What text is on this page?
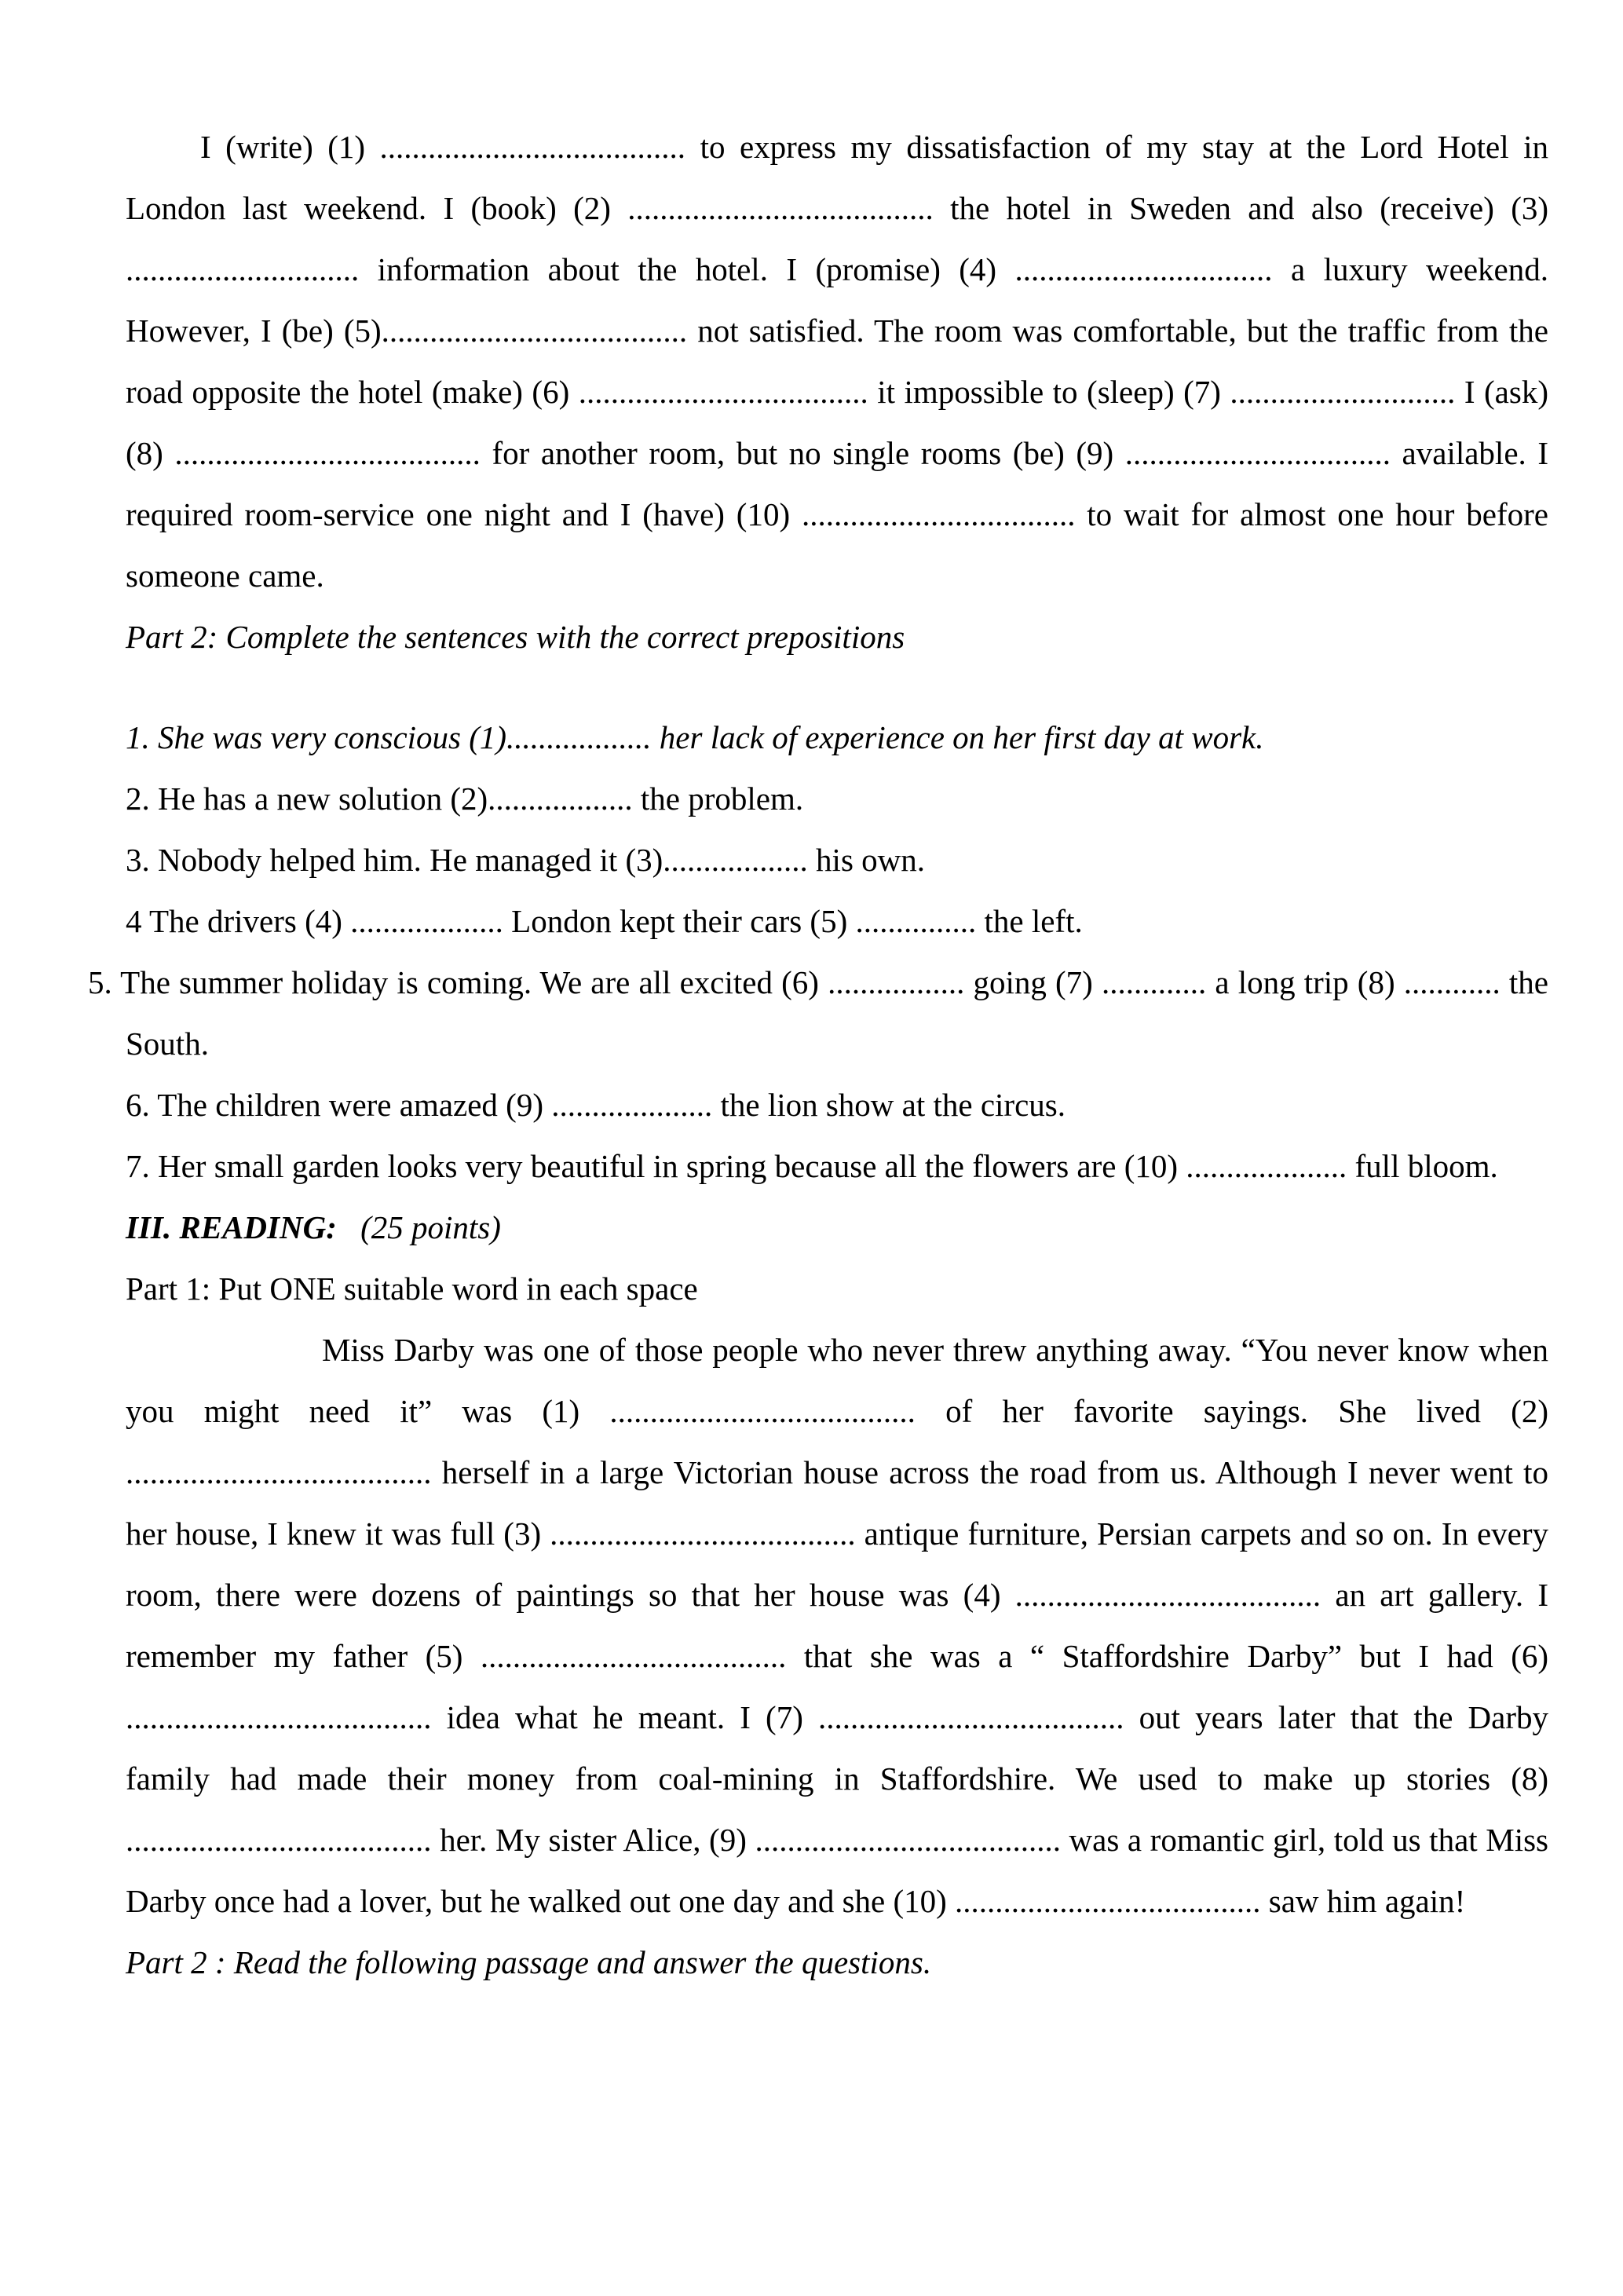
I (write) (1) ...................................... to express my dissatisfaction of my stay at the Lord Hotel in London last weekend. I (book) (2) ...................................... the hotel in Sweden and also (receive) (3) ............................. information about the hotel. I (promise) (4) ................................ a luxury weekend. However, I (be) (5)...................................... not satisfied. The room was comfortable, but the traffic from the road opposite the hotel (make) (6) .................................... it impossible to (sleep) (7) ............................ I (ask) (8) ...................................... for another room, but no single rooms (be) (9) ................................. available. I required room-service one night and I (have) (10) .................................. to wait for almost one hour before someone came.

Part 2: Complete the sentences with the correct prepositions

1. She was very conscious (1).................. her lack of experience on her first day at work.

2. He has a new solution (2).................. the problem.

3. Nobody helped him. He managed it (3).................. his own.

4 The drivers (4) ................... London kept their cars (5) ............... the left.

5. The summer holiday is coming. We are all excited (6) ................. going (7) ............. a long trip (8) ............ the South.

6. The children were amazed (9) .................... the lion show at the circus.

7. Her small garden looks very beautiful in spring because all the flowers are (10) .................... full bloom.

III. READING: (25 points)
Part 1: Put ONE suitable word in each space

Miss Darby was one of those people who never threw anything away. “You never know when you might need it” was (1) ...................................... of her favorite sayings. She lived (2) ...................................... herself in a large Victorian house across the road from us. Although I never went to her house, I knew it was full (3) ...................................... antique furniture, Persian carpets and so on. In every room, there were dozens of paintings so that her house was (4) ...................................... an art gallery. I remember my father (5) ...................................... that she was a “ Staffordshire Darby” but I had (6) ...................................... idea what he meant. I (7) ...................................... out years later that the Darby family had made their money from coal-mining in Staffordshire. We used to make up stories (8) ...................................... her. My sister Alice, (9) ...................................... was a romantic girl, told us that Miss Darby once had a lover, but he walked out one day and she (10) ...................................... saw him again!

Part 2 : Read the following passage and answer the questions.
